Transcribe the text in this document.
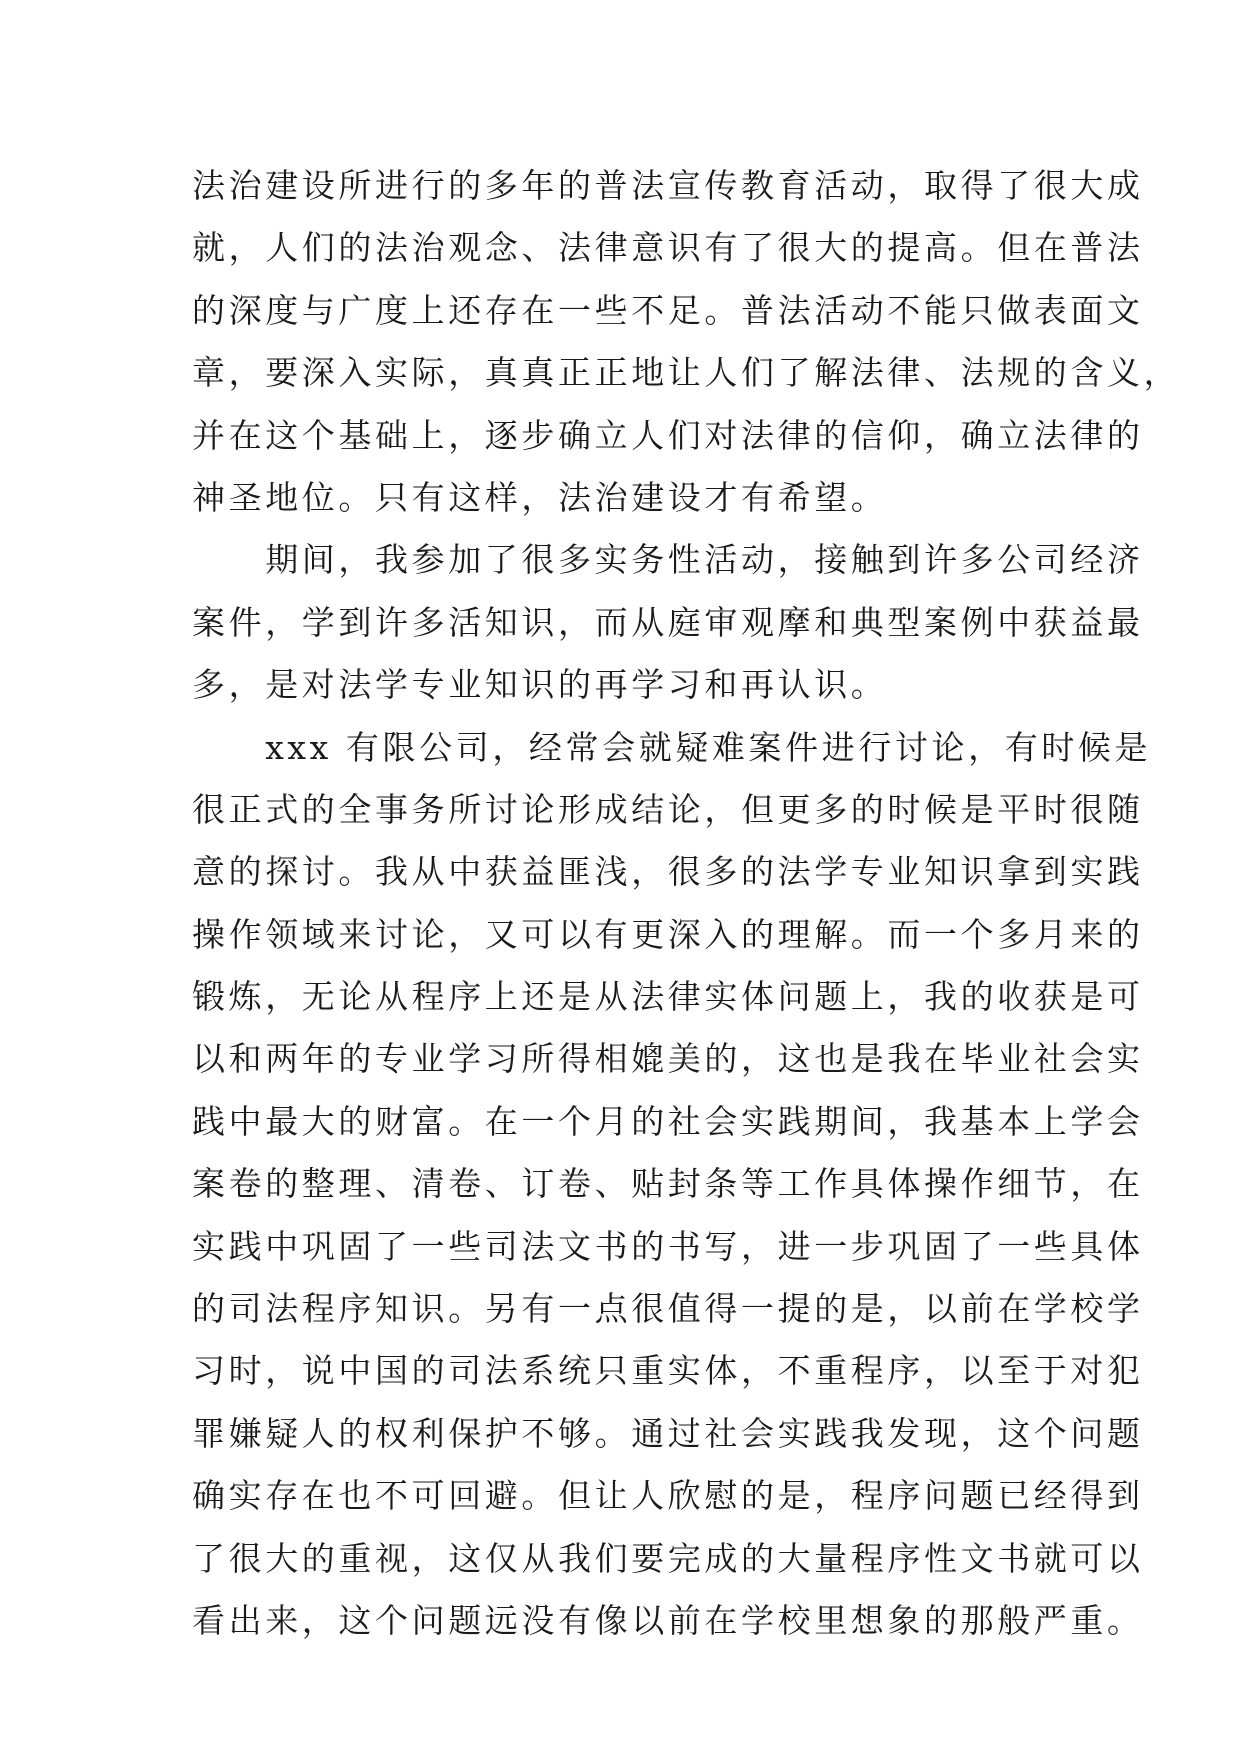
法治建设所进行的多年的普法宣传教育活动，取得了很大成
就，人们的法治观念、法律意识有了很大的提高。但在普法
的深度与广度上还存在一些不足。普法活动不能只做表面文
章，要深入实际，真真正正地让人们了解法律、法规的含义，
并在这个基础上，逐步确立人们对法律的信仰，确立法律的
神圣地位。只有这样，法治建设才有希望。
　　期间，我参加了很多实务性活动，接触到许多公司经济
案件，学到许多活知识，而从庭审观摩和典型案例中获益最
多，是对法学专业知识的再学习和再认识。
　　xxx 有限公司，经常会就疑难案件进行讨论，有时候是
很正式的全事务所讨论形成结论，但更多的时候是平时很随
意的探讨。我从中获益匪浅，很多的法学专业知识拿到实践
操作领域来讨论，又可以有更深入的理解。而一个多月来的
锻炼，无论从程序上还是从法律实体问题上，我的收获是可
以和两年的专业学习所得相媲美的，这也是我在毕业社会实
践中最大的财富。在一个月的社会实践期间，我基本上学会
案卷的整理、清卷、订卷、贴封条等工作具体操作细节，在
实践中巩固了一些司法文书的书写，进一步巩固了一些具体
的司法程序知识。另有一点很值得一提的是，以前在学校学
习时，说中国的司法系统只重实体，不重程序，以至于对犯
罪嫌疑人的权利保护不够。通过社会实践我发现，这个问题
确实存在也不可回避。但让人欣慰的是，程序问题已经得到
了很大的重视，这仅从我们要完成的大量程序性文书就可以
看出来，这个问题远没有像以前在学校里想象的那般严重。
